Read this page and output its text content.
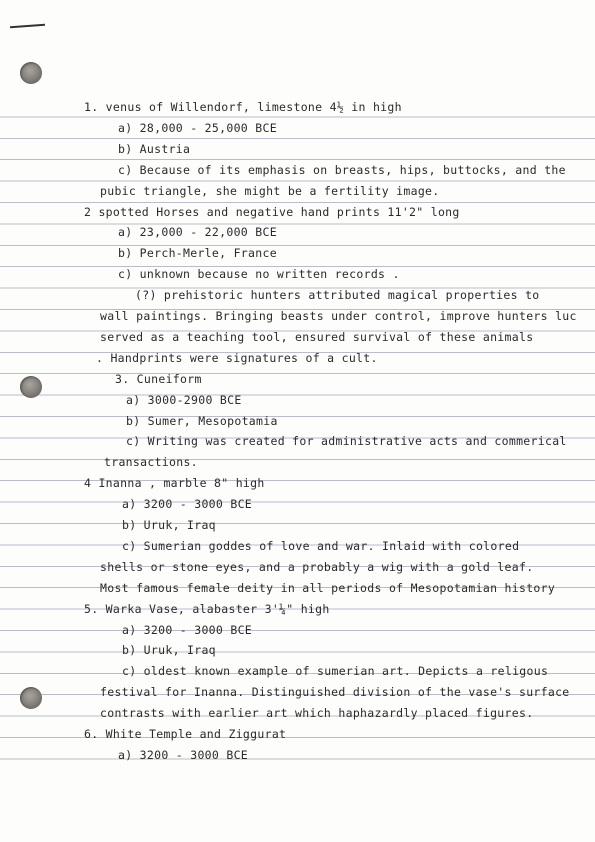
1. venus of Willendorf, limestone 4½ in high
a) 28,000 - 25,000 BCE
b) Austria
c) Because of its emphasis on breasts, hips, buttocks, and the
pubic triangle, she might be a fertility image.
2 spotted Horses and negative hand prints 11'2" long
a) 23,000 - 22,000 BCE
b) Perch-Merle, France
c) unknown because no written records .
(?) prehistoric hunters attributed magical properties to
wall paintings. Bringing beasts under control, improve hunters luc
served as a teaching tool, ensured survival of these animals
. Handprints were signatures of a cult.
3. Cuneiform
a) 3000-2900 BCE
b) Sumer, Mesopotamia
c) Writing was created for administrative acts and commerical
transactions.
4 Inanna , marble 8" high
a) 3200 - 3000 BCE
b) Uruk, Iraq
c) Sumerian goddes of love and war. Inlaid with colored
shells or stone eyes, and a probably a wig with a gold leaf.
Most famous female deity in all periods of Mesopotamian history
5. Warka Vase, alabaster 3'¼" high
a) 3200 - 3000 BCE
b) Uruk, Iraq
c) oldest known example of sumerian art. Depicts a religous
festival for Inanna. Distinguished division of the vase's surface
contrasts with earlier art which haphazardly placed figures.
6. White Temple and Ziggurat
a) 3200 - 3000 BCE
